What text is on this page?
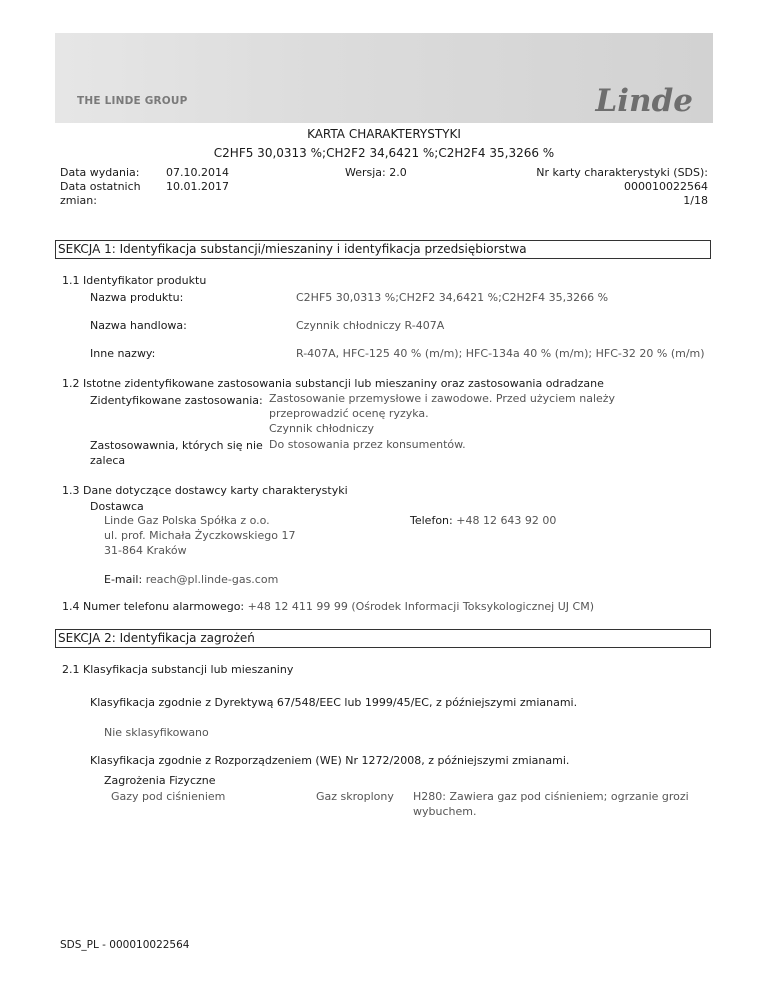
THE LINDE GROUP	Linde
KARTA CHARAKTERYSTYKI
C2HF5 30,0313 %;CH2F2 34,6421 %;C2H2F4 35,3266 %
Data wydania: 07.10.2014
Data ostatnich
zmian:
10.01.2017
Wersja: 2.0	Nr karty charakterystyki (SDS):
000010022564
1/18
SEKCJA 1: Identyfikacja substancji/mieszaniny i identyfikacja przedsiębiorstwa
1.1 Identyfikator produktu
Nazwa produktu:	C2HF5 30,0313 %;CH2F2 34,6421 %;C2H2F4 35,3266 %
Nazwa handlowa:	Czynnik chłodniczy R-407A
Inne nazwy:	R-407A, HFC-125 40 % (m/m); HFC-134a 40 % (m/m); HFC-32 20 % (m/m)
1.2 Istotne zidentyfikowane zastosowania substancji lub mieszaniny oraz zastosowania odradzane
Zidentyfikowane zastosowania: Zastosowanie przemysłowe i zawodowe. Przed użyciem należy
przeprowadzić ocenę ryzyka.
Czynnik chłodniczy
Zastosowawnia, których się nie
zaleca
Do stosowania przez konsumentów.
1.3 Dane dotyczące dostawcy karty charakterystyki
Dostawca
Linde Gaz Polska Spółka z o.o.
ul. prof. Michała Życzkowskiego 17
31-864 Kraków
Telefon: +48 12 643 92 00
E-mail: reach@pl.linde-gas.com
1.4 Numer telefonu alarmowego: +48 12 411 99 99 (Ośrodek Informacji Toksykologicznej UJ CM)
SEKCJA 2: Identyfikacja zagrożeń
2.1 Klasyfikacja substancji lub mieszaniny
Klasyfikacja zgodnie z Dyrektywą 67/548/EEC lub 1999/45/EC, z późniejszymi zmianami.
Nie sklasyfikowano
Klasyfikacja zgodnie z Rozporządzeniem (WE) Nr 1272/2008, z późniejszymi zmianami.
Zagrożenia Fizyczne
Gazy pod ciśnieniem	Gaz skroplony H280: Zawiera gaz pod ciśnieniem; ogrzanie grozi
wybuchem.
SDS_PL - 000010022564
